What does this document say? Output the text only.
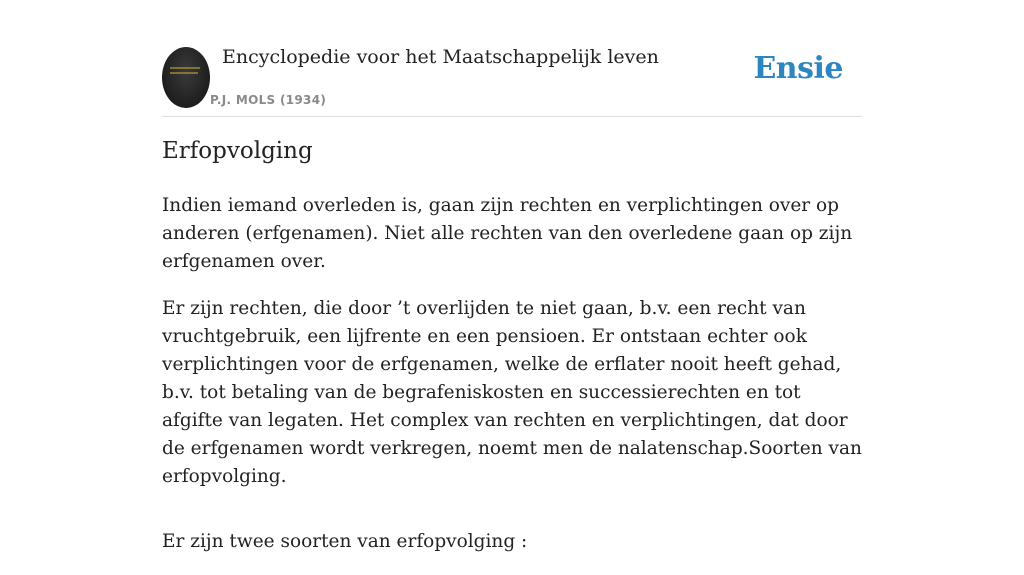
Encyclopedie voor het Maatschappelijk leven
P.J. MOLS (1934)
Ensie
Erfopvolging

Indien iemand overleden is, gaan zijn rechten en verplichtingen over op anderen (erfgenamen). Niet alle rechten van den overledene gaan op zijn erfgenamen over.

Er zijn rechten, die door ’t overlijden te niet gaan, b.v. een recht van vruchtgebruik, een lijfrente en een pensioen. Er ontstaan echter ook verplichtingen voor de erfgenamen, welke de erflater nooit heeft gehad, b.v. tot betaling van de begrafeniskosten en successierechten en tot afgifte van legaten. Het complex van rechten en verplichtingen, dat door de erfgenamen wordt verkregen, noemt men de nalatenschap.Soorten van erfopvolging.

Er zijn twee soorten van erfopvolging :
